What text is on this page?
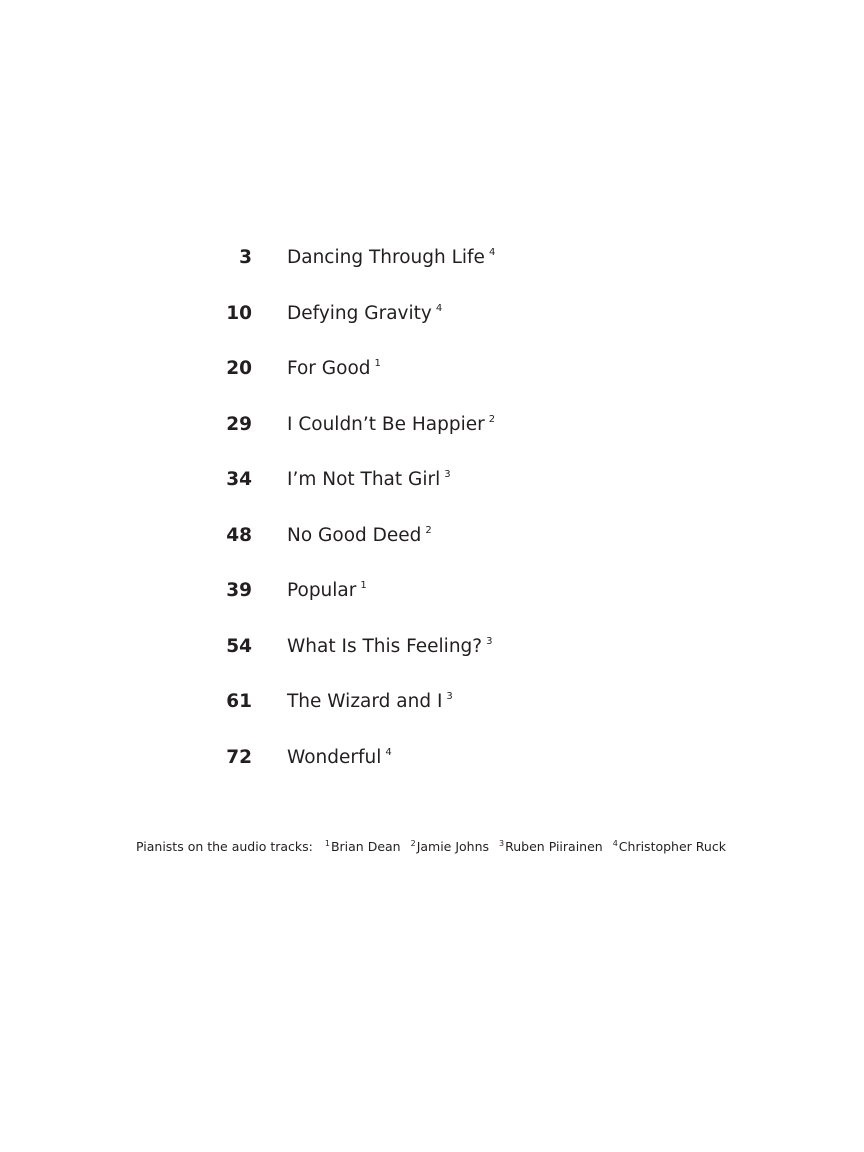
3 Dancing Through Life $^4$
10 Defying Gravity $^4$
20 For Good $^1$
29 I Couldn’t Be Happier $^2$
34 I’m Not That Girl $^3$
48 No Good Deed $^2$
39 Popular $^1$
54 What Is This Feeling? $^3$
61 The Wizard and I $^3$
72 Wonderful $^4$
Pianists on the audio tracks: $^1$Brian Dean $^2$Jamie Johns $^3$Ruben Piirainen $^4$Christopher Ruck
